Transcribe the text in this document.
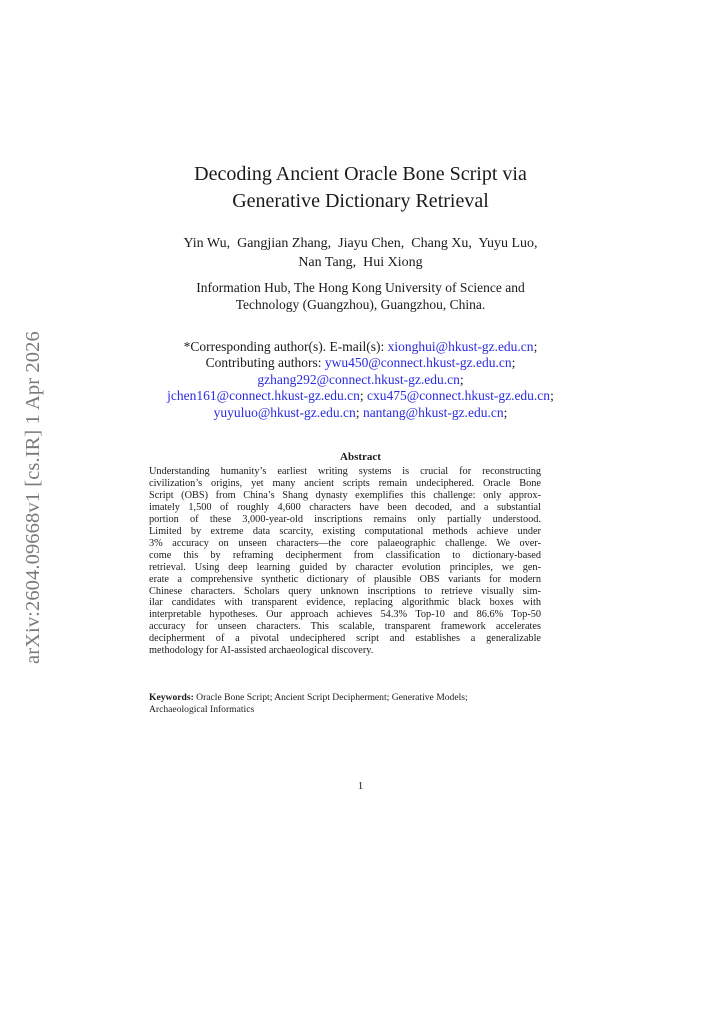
arXiv:2604.09668v1 [cs.IR] 1 Apr 2026
Decoding Ancient Oracle Bone Script via
Generative Dictionary Retrieval
Yin Wu,  Gangjian Zhang,  Jiayu Chen,  Chang Xu,  Yuyu Luo,
Nan Tang,  Hui Xiong
Information Hub, The Hong Kong University of Science and
Technology (Guangzhou), Guangzhou, China.
*Corresponding author(s). E-mail(s): xionghui@hkust-gz.edu.cn;
Contributing authors: ywu450@connect.hkust-gz.edu.cn;
gzhang292@connect.hkust-gz.edu.cn;
jchen161@connect.hkust-gz.edu.cn; cxu475@connect.hkust-gz.edu.cn;
yuyuluo@hkust-gz.edu.cn; nantang@hkust-gz.edu.cn;
Abstract
Understanding humanity’s earliest writing systems is crucial for reconstructing
civilization’s origins, yet many ancient scripts remain undeciphered. Oracle Bone
Script (OBS) from China’s Shang dynasty exemplifies this challenge: only approx-
imately 1,500 of roughly 4,600 characters have been decoded, and a substantial
portion of these 3,000-year-old inscriptions remains only partially understood.
Limited by extreme data scarcity, existing computational methods achieve under
3% accuracy on unseen characters—the core palaeographic challenge. We over-
come this by reframing decipherment from classification to dictionary-based
retrieval. Using deep learning guided by character evolution principles, we gen-
erate a comprehensive synthetic dictionary of plausible OBS variants for modern
Chinese characters. Scholars query unknown inscriptions to retrieve visually sim-
ilar candidates with transparent evidence, replacing algorithmic black boxes with
interpretable hypotheses. Our approach achieves 54.3% Top-10 and 86.6% Top-50
accuracy for unseen characters. This scalable, transparent framework accelerates
decipherment of a pivotal undeciphered script and establishes a generalizable
methodology for AI-assisted archaeological discovery.
Keywords: Oracle Bone Script; Ancient Script Decipherment; Generative Models;
Archaeological Informatics
1
